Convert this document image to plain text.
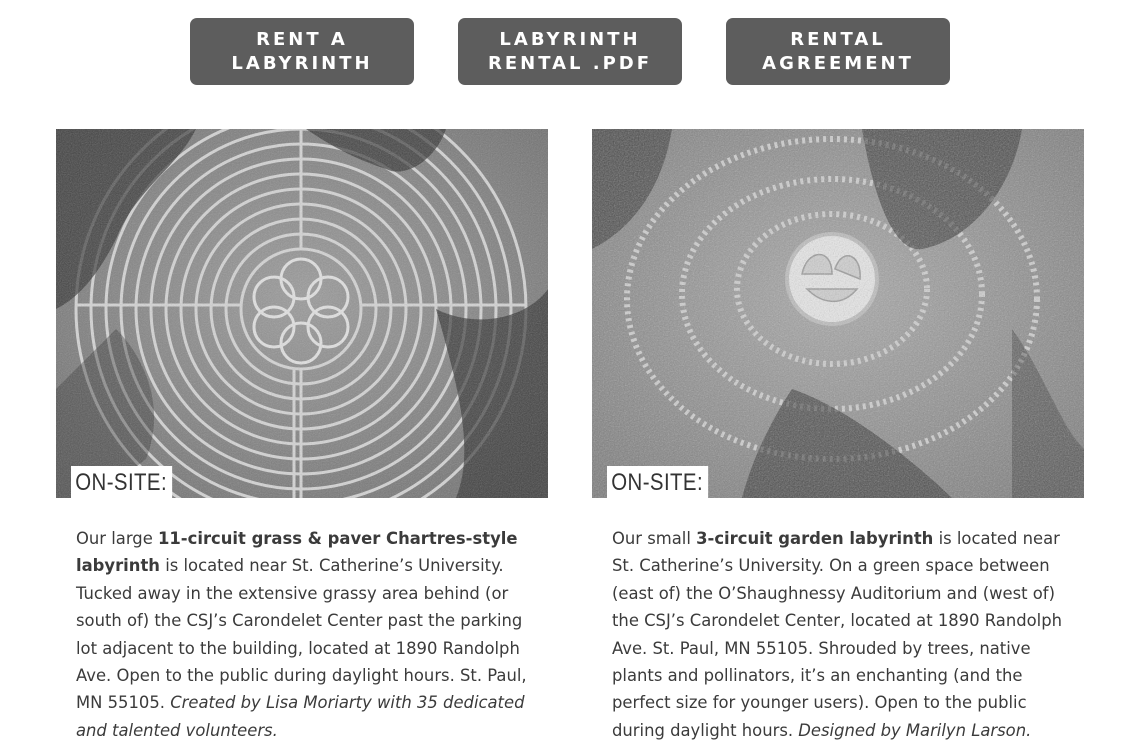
RENT A
LABYRINTH
LABYRINTH
RENTAL .PDF
RENTAL
AGREEMENT
ON-SITE:	ON-SITE:
Our large 11-circuit grass & paver Chartres-style labyrinth is located near St. Catherine’s University. Tucked away in the extensive grassy area behind (or south of) the CSJ’s Carondelet Center past the parking lot adjacent to the building, located at 1890 Randolph Ave. Open to the public during daylight hours. St. Paul, MN 55105. Created by Lisa Moriarty with 35 dedicated and talented volunteers.
Our small 3-circuit garden labyrinth is located near St. Catherine’s University. On a green space between (east of) the O’Shaughnessy Auditorium and (west of) the CSJ’s Carondelet Center, located at 1890 Randolph Ave. St. Paul, MN 55105. Shrouded by trees, native plants and pollinators, it’s an enchanting (and the perfect size for younger users). Open to the public during daylight hours. Designed by Marilyn Larson.
